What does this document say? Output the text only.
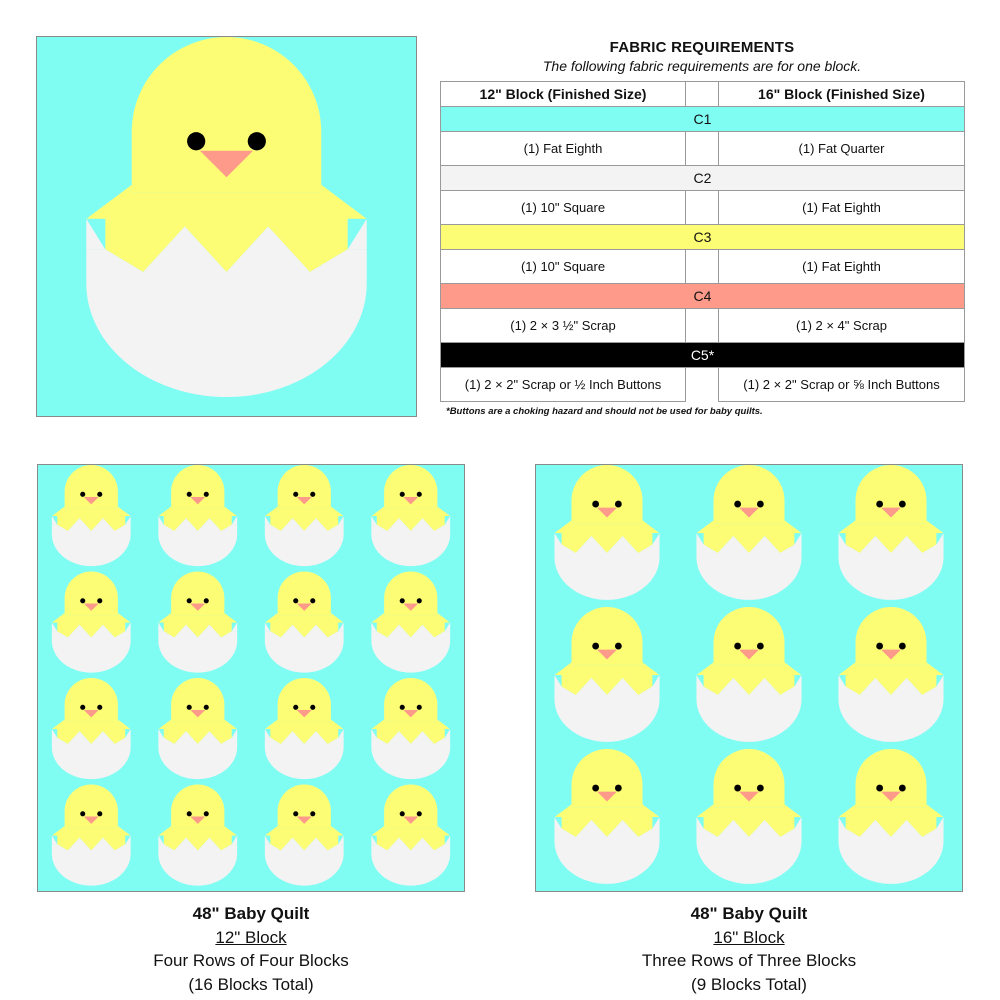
FABRIC REQUIREMENTS
The following fabric requirements are for one block.
12" Block (Finished Size)		16" Block (Finished Size)
C1		
(1) Fat Eighth		(1) Fat Quarter
C2		
(1) 10" Square		(1) Fat Eighth
C3		
(1) 10" Square		(1) Fat Eighth
C4		
(1) 2 × 3 ½" Scrap		(1) 2 × 4" Scrap
C5*		
(1) 2 × 2" Scrap or ½ Inch Buttons		(1) 2 × 2" Scrap or ⅝ Inch Buttons
*Buttons are a choking hazard and should not be used for baby quilts.
48" Baby Quilt
12" Block
Four Rows of Four Blocks
(16 Blocks Total)
48" Baby Quilt
16" Block
Three Rows of Three Blocks
(9 Blocks Total)
